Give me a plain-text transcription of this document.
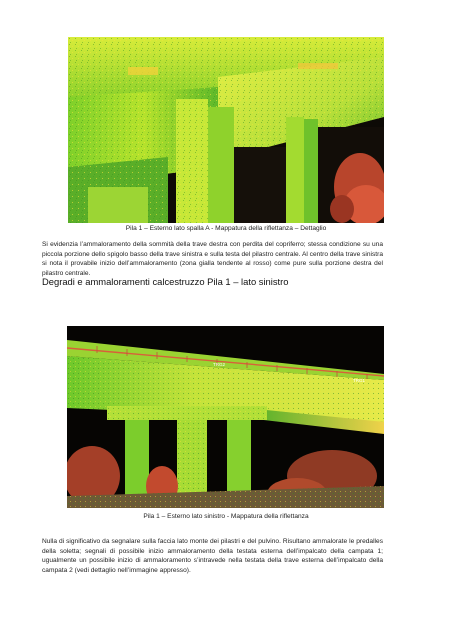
Pila 1 – Esterno lato spalla A - Mappatura della riflettanza – Dettaglio

Si evidenzia l’ammaloramento della sommità della trave destra con perdita del copriferro; stessa condizione su una piccola porzione dello spigolo basso della trave sinistra e sulla testa del pilastro centrale. Al centro della trave sinistra si nota il provabile inizio dell’ammaloramento (zona gialla tendente al rosso) come pure sulla porzione destra del pilastro centrale.

Degradi e ammaloramenti calcestruzzo Pila 1 – lato sinistro
TRG2
TRG1
Pila 1 – Esterno lato sinistro - Mappatura della riflettanza

Nulla di significativo da segnalare sulla faccia lato monte dei pilastri e del pulvino. Risultano ammalorate le predalles della soletta; segnali di possibile inizio ammaloramento della testata esterna dell’impalcato della campata 1; ugualmente un possibile inizio di ammaloramento s’intravede nella testata della trave esterna dell’impalcato della campata 2 (vedi dettaglio nell’immagine appresso).
